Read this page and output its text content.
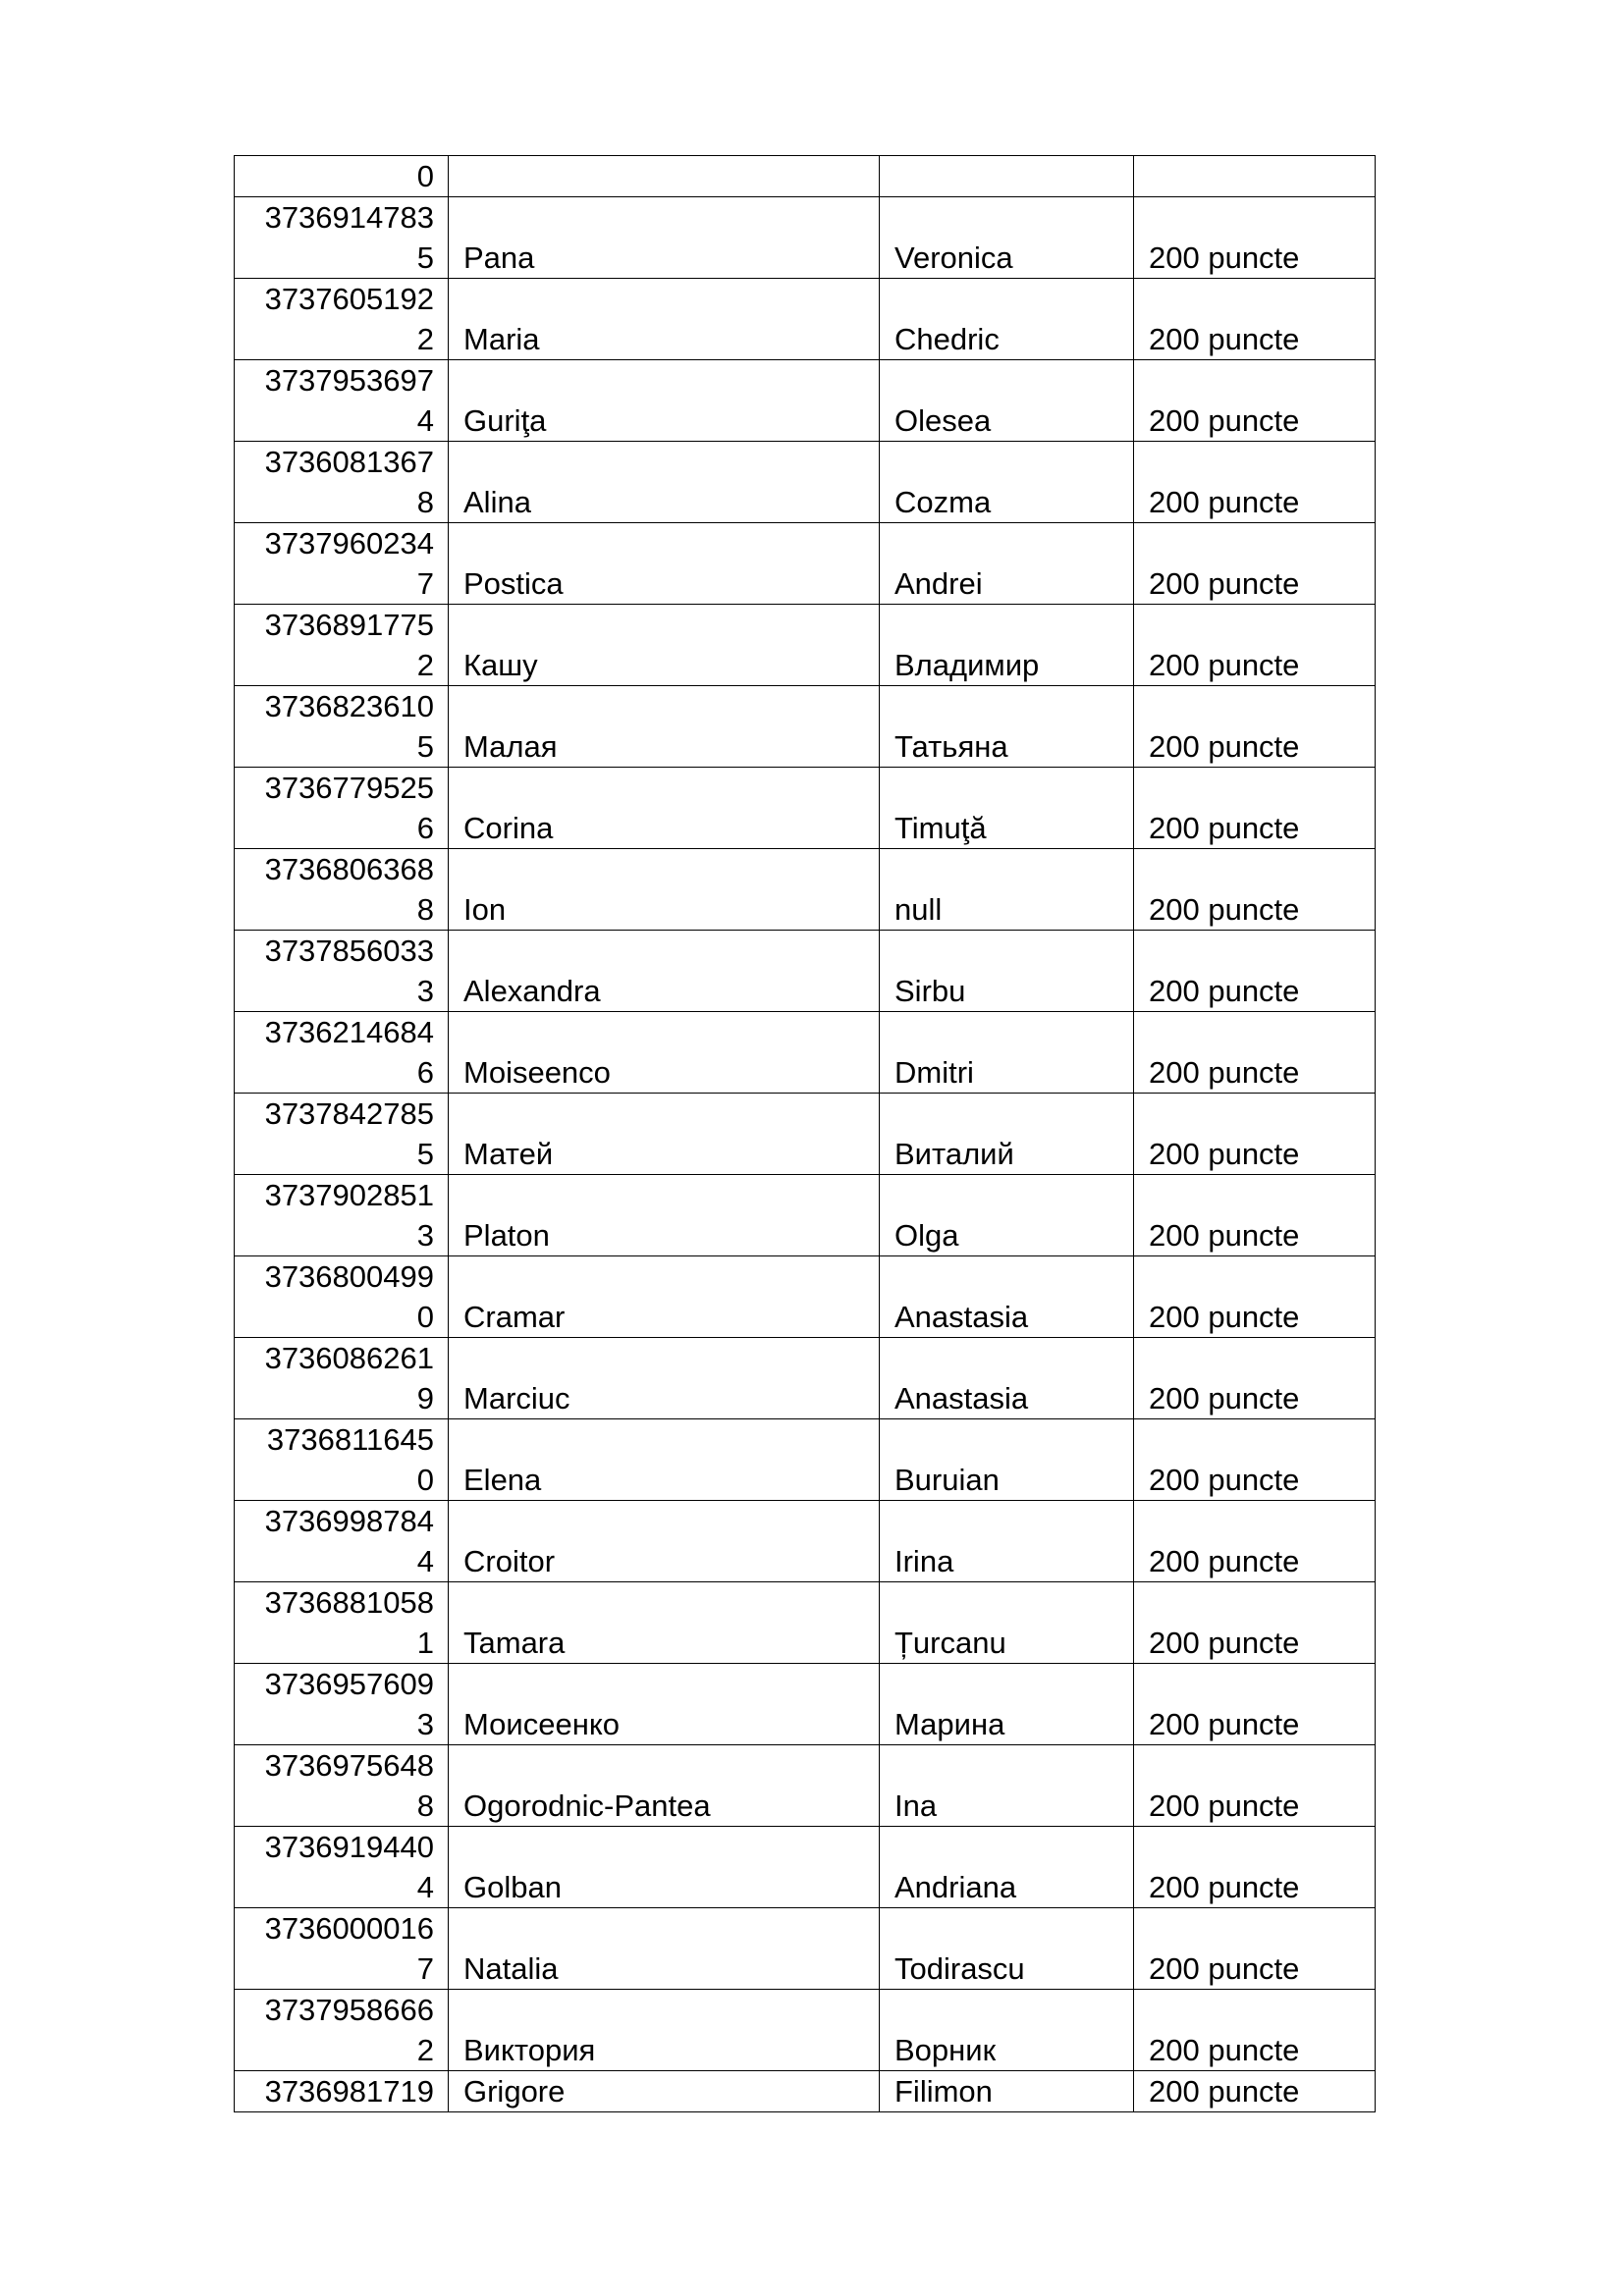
0			

3736914783
5	Pana	Veronica	200 puncte

3737605192
2	Maria	Chedric	200 puncte

3737953697
4	Guriţa	Olesea	200 puncte

3736081367
8	Alina	Cozma	200 puncte

3737960234
7	Postica	Andrei	200 puncte

3736891775
2	Кашу	Владимир	200 puncte

3736823610
5	Малая	Татьяна	200 puncte

3736779525
6	Corina	Timuţă	200 puncte

3736806368
8	Ion	null	200 puncte

3737856033
3	Alexandra	Sirbu	200 puncte

3736214684
6	Moiseenco	Dmitri	200 puncte

3737842785
5	Матей	Виталий	200 puncte

3737902851
3	Platon	Olga	200 puncte

3736800499
0	Cramar	Anastasia	200 puncte

3736086261
9	Marciuc	Anastasia	200 puncte

3736811645
0	Elena	Buruian	200 puncte

3736998784
4	Croitor	Irina	200 puncte

3736881058
1	Tamara	Țurcanu	200 puncte

3736957609
3	Моисеенко	Марина	200 puncte

3736975648
8	Ogorodnic-Pantea	Ina	200 puncte

3736919440
4	Golban	Andriana	200 puncte

3736000016
7	Natalia	Todirascu	200 puncte

3737958666
2	Виктория	Ворник	200 puncte

3736981719	Grigore	Filimon	200 puncte
